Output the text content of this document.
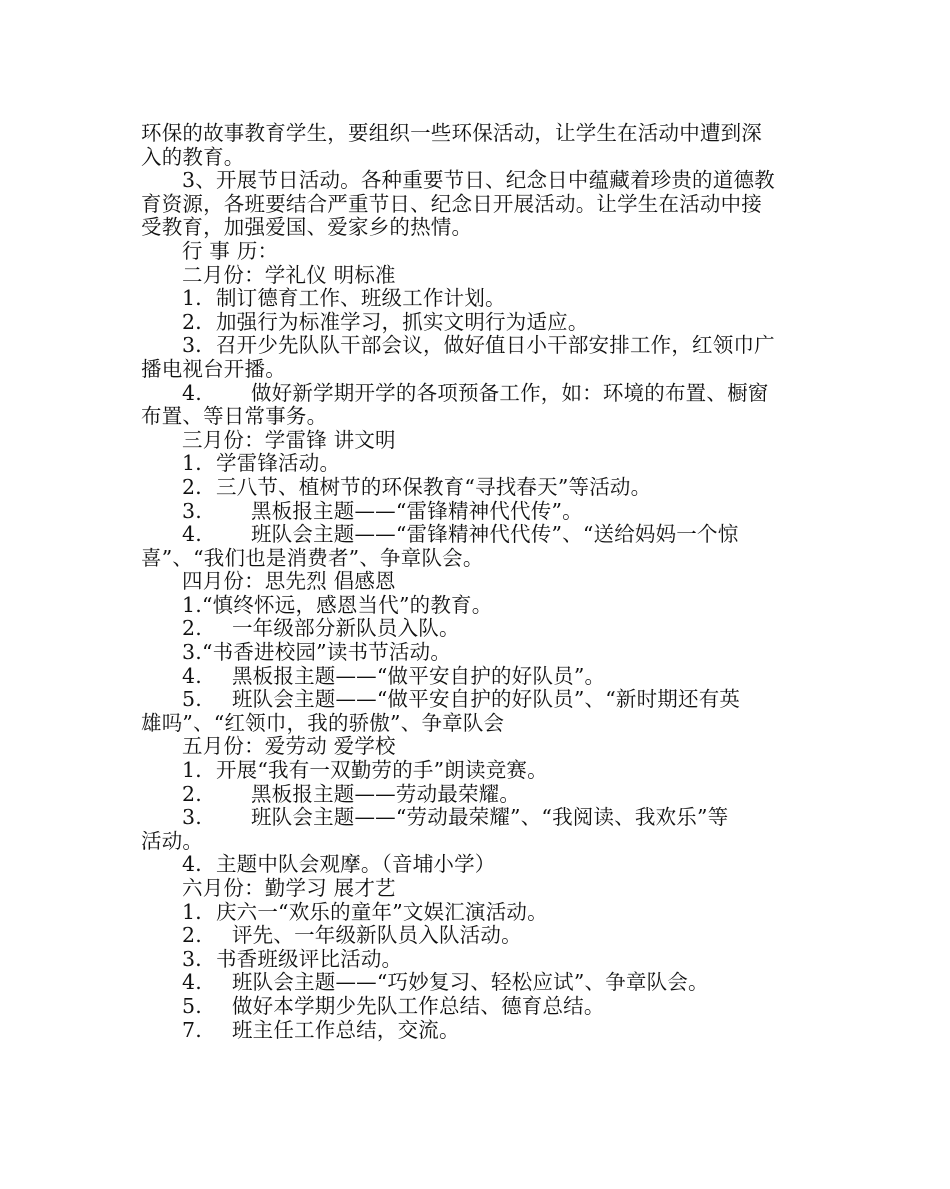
环保的故事教育学生，要组织一些环保活动，让学生在活动中遭到深
入的教育。
3、开展节日活动。各种重要节日、纪念日中蕴藏着珍贵的道德教
育资源，各班要结合严重节日、纪念日开展活动。让学生在活动中接
受教育，加强爱国、爱家乡的热情。
行 事 历：
二月份：学礼仪 明标准
1．制订德育工作、班级工作计划。
2．加强行为标准学习，抓实文明行为适应。
3．召开少先队队干部会议，做好值日小干部安排工作，红领巾广
播电视台开播。
4. 做好新学期开学的各项预备工作，如：环境的布置、橱窗
布置、等日常事务。
三月份：学雷锋 讲文明
1．学雷锋活动。
2．三八节、植树节的环保教育“寻找春天”等活动。
3. 黑板报主题——“雷锋精神代代传”。
4. 班队会主题——“雷锋精神代代传”、“送给妈妈一个惊
喜”、“我们也是消费者”、争章队会。
四月份：思先烈 倡感恩
1.“慎终怀远，感恩当代”的教育。
2. 一年级部分新队员入队。
3.“书香进校园”读书节活动。
4. 黑板报主题——“做平安自护的好队员”。
5. 班队会主题——“做平安自护的好队员”、“新时期还有英
雄吗”、“红领巾，我的骄傲”、争章队会
五月份：爱劳动 爱学校
1．开展“我有一双勤劳的手”朗读竞赛。
2. 黑板报主题——劳动最荣耀。
3. 班队会主题——“劳动最荣耀”、“我阅读、我欢乐”等
活动。
4．主题中队会观摩。（音埔小学）
六月份：勤学习 展才艺
1．庆六一“欢乐的童年”文娱汇演活动。
2. 评先、一年级新队员入队活动。
3．书香班级评比活动。
4. 班队会主题——“巧妙复习、轻松应试”、争章队会。
5. 做好本学期少先队工作总结、德育总结。
7. 班主任工作总结，交流。
